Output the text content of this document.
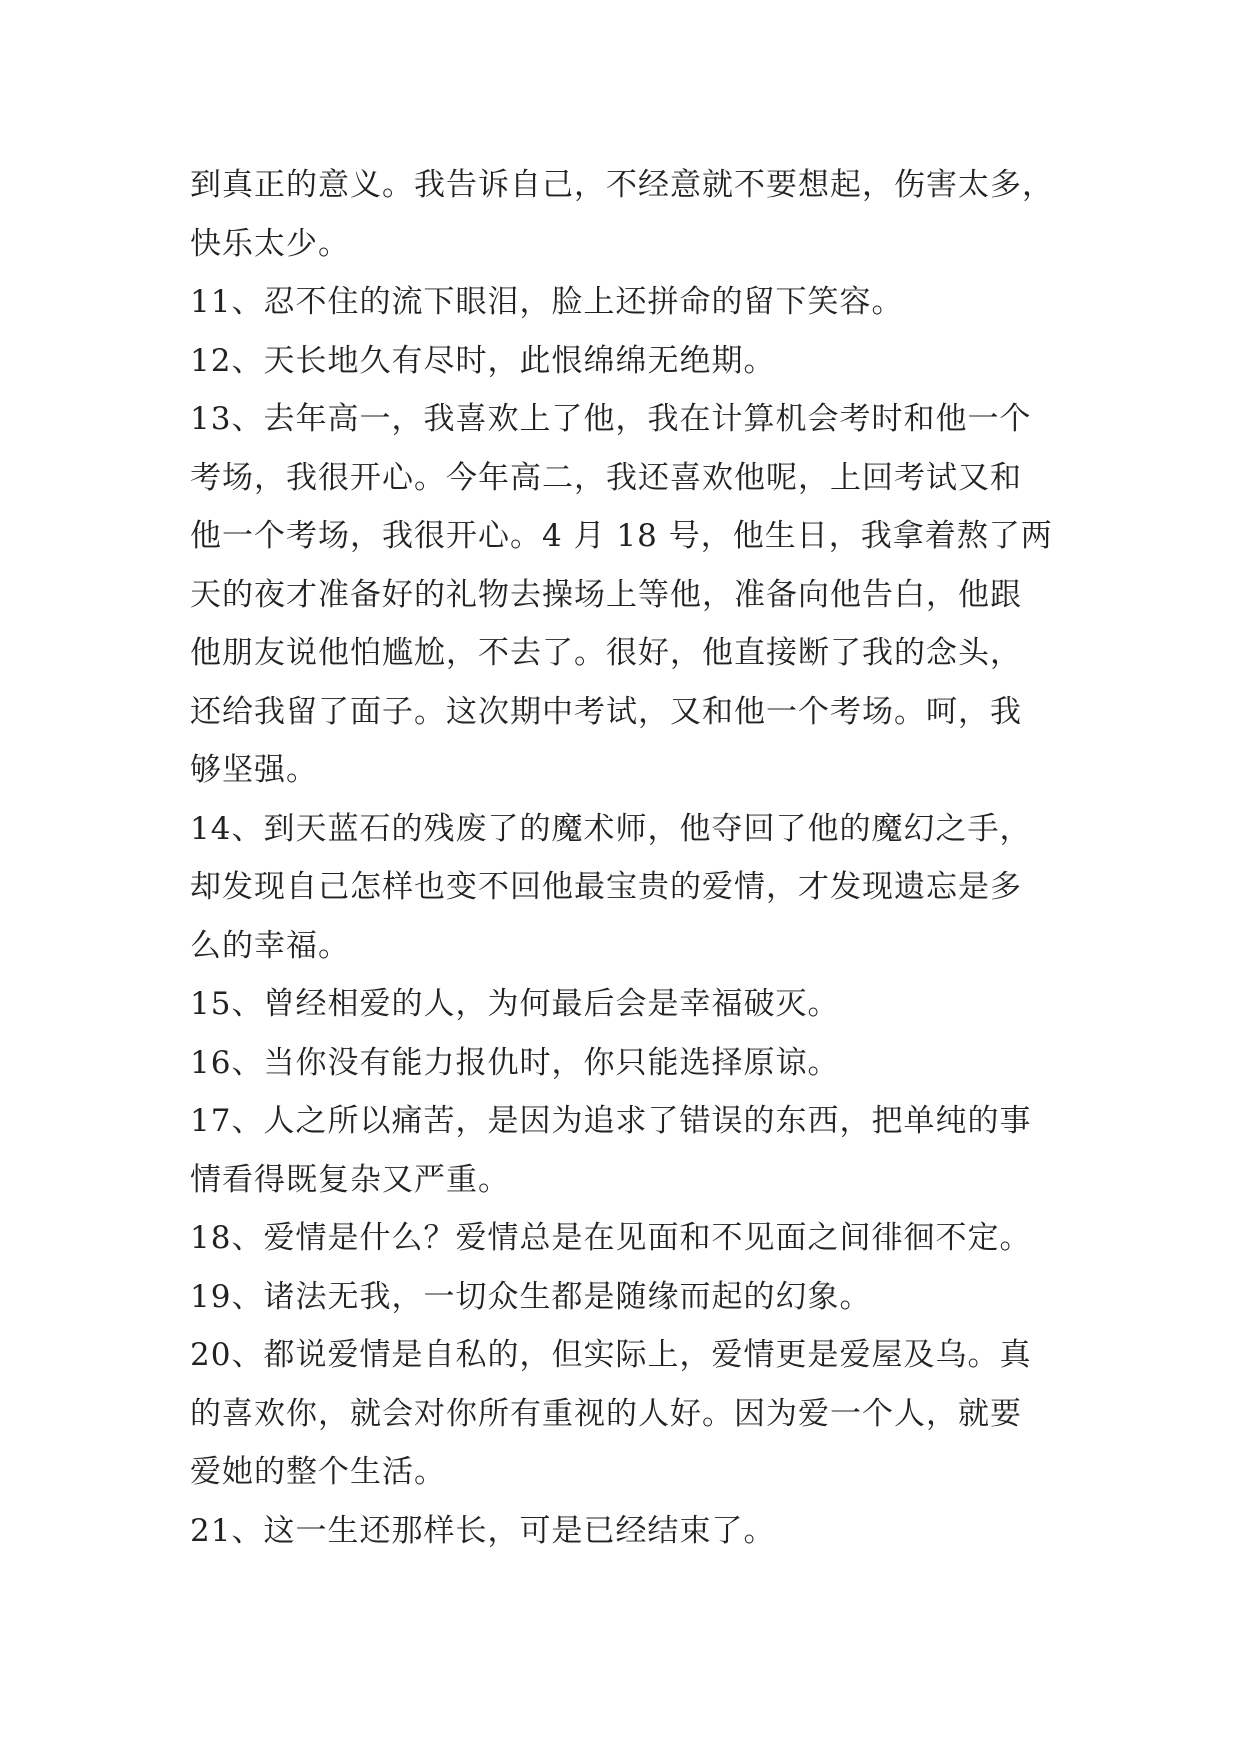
到真正的意义。我告诉自己，不经意就不要想起，伤害太多，
快乐太少。

11、忍不住的流下眼泪，脸上还拼命的留下笑容。

12、天长地久有尽时，此恨绵绵无绝期。

13、去年高一，我喜欢上了他，我在计算机会考时和他一个
考场，我很开心。今年高二，我还喜欢他呢，上回考试又和
他一个考场，我很开心。4 月 18 号，他生日，我拿着熬了两
天的夜才准备好的礼物去操场上等他，准备向他告白，他跟
他朋友说他怕尴尬，不去了。很好，他直接断了我的念头，
还给我留了面子。这次期中考试，又和他一个考场。呵，我
够坚强。

14、到天蓝石的残废了的魔术师，他夺回了他的魔幻之手，
却发现自己怎样也变不回他最宝贵的爱情，才发现遗忘是多
么的幸福。

15、曾经相爱的人，为何最后会是幸福破灭。

16、当你没有能力报仇时，你只能选择原谅。

17、人之所以痛苦，是因为追求了错误的东西，把单纯的事
情看得既复杂又严重。

18、爱情是什么？爱情总是在见面和不见面之间徘徊不定。

19、诸法无我，一切众生都是随缘而起的幻象。

20、都说爱情是自私的，但实际上，爱情更是爱屋及乌。真
的喜欢你，就会对你所有重视的人好。因为爱一个人，就要
爱她的整个生活。

21、这一生还那样长，可是已经结束了。
